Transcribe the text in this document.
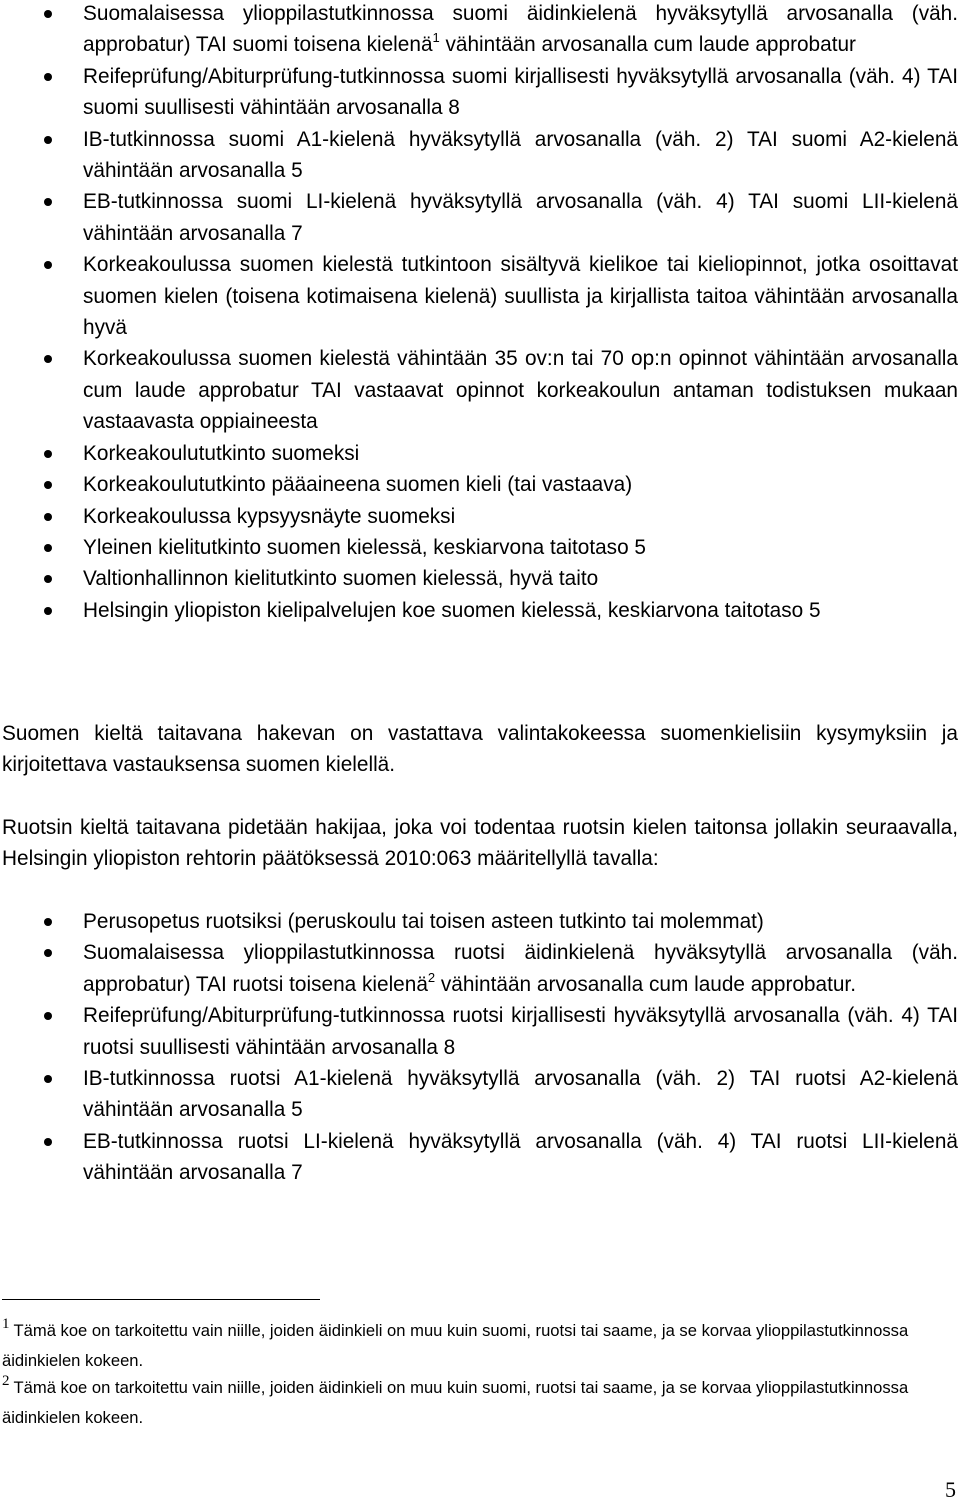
Suomalaisessa ylioppilastutkinnossa suomi äidinkielenä hyväksytyllä arvosanalla (väh. approbatur) TAI suomi toisena kielenä$^1$ vähintään arvosanalla cum laude approbatur
Reifeprüfung/Abiturprüfung-tutkinnossa suomi kirjallisesti hyväksytyllä arvosanalla (väh. 4) TAI suomi suullisesti vähintään arvosanalla 8
IB-tutkinnossa suomi A1-kielenä hyväksytyllä arvosanalla (väh. 2) TAI suomi A2-kielenä vähintään arvosanalla 5
EB-tutkinnossa suomi LI-kielenä hyväksytyllä arvosanalla (väh. 4) TAI suomi LII-kielenä vähintään arvosanalla 7
Korkeakoulussa suomen kielestä tutkintoon sisältyvä kielikoe tai kieliopinnot, jotka osoittavat suomen kielen (toisena kotimaisena kielenä) suullista ja kirjallista taitoa vähintään arvosanalla hyvä
Korkeakoulussa suomen kielestä vähintään 35 ov:n tai 70 op:n opinnot vähintään arvosanalla cum laude approbatur TAI vastaavat opinnot korkeakoulun antaman todistuksen mukaan vastaavasta oppiaineesta
Korkeakoulututkinto suomeksi
Korkeakoulututkinto pääaineena suomen kieli (tai vastaava)
Korkeakoulussa kypsyysnäyte suomeksi
Yleinen kielitutkinto suomen kielessä, keskiarvona taitotaso 5
Valtionhallinnon kielitutkinto suomen kielessä, hyvä taito
Helsingin yliopiston kielipalvelujen koe suomen kielessä, keskiarvona taitotaso 5

Suomen kieltä taitavana hakevan on vastattava valintakokeessa suomenkielisiin kysymyksiin ja kirjoitettava vastauksensa suomen kielellä.

Ruotsin kieltä taitavana pidetään hakijaa, joka voi todentaa ruotsin kielen taitonsa jollakin seuraavalla, Helsingin yliopiston rehtorin päätöksessä 2010:063 määritellyllä tavalla:

Perusopetus ruotsiksi (peruskoulu tai toisen asteen tutkinto tai molemmat)
Suomalaisessa ylioppilastutkinnossa ruotsi äidinkielenä hyväksytyllä arvosanalla (väh. approbatur) TAI ruotsi toisena kielenä$^2$ vähintään arvosanalla cum laude approbatur.
Reifeprüfung/Abiturprüfung-tutkinnossa ruotsi kirjallisesti hyväksytyllä arvosanalla (väh. 4) TAI ruotsi suullisesti vähintään arvosanalla 8
IB-tutkinnossa ruotsi A1-kielenä hyväksytyllä arvosanalla (väh. 2) TAI ruotsi A2-kielenä vähintään arvosanalla 5
EB-tutkinnossa ruotsi LI-kielenä hyväksytyllä arvosanalla (väh. 4) TAI ruotsi LII-kielenä vähintään arvosanalla 7

1 Tämä koe on tarkoitettu vain niille, joiden äidinkieli on muu kuin suomi, ruotsi tai saame, ja se korvaa ylioppilastutkinnossa äidinkielen kokeen.

2 Tämä koe on tarkoitettu vain niille, joiden äidinkieli on muu kuin suomi, ruotsi tai saame, ja se korvaa ylioppilastutkinnossa äidinkielen kokeen.

5
